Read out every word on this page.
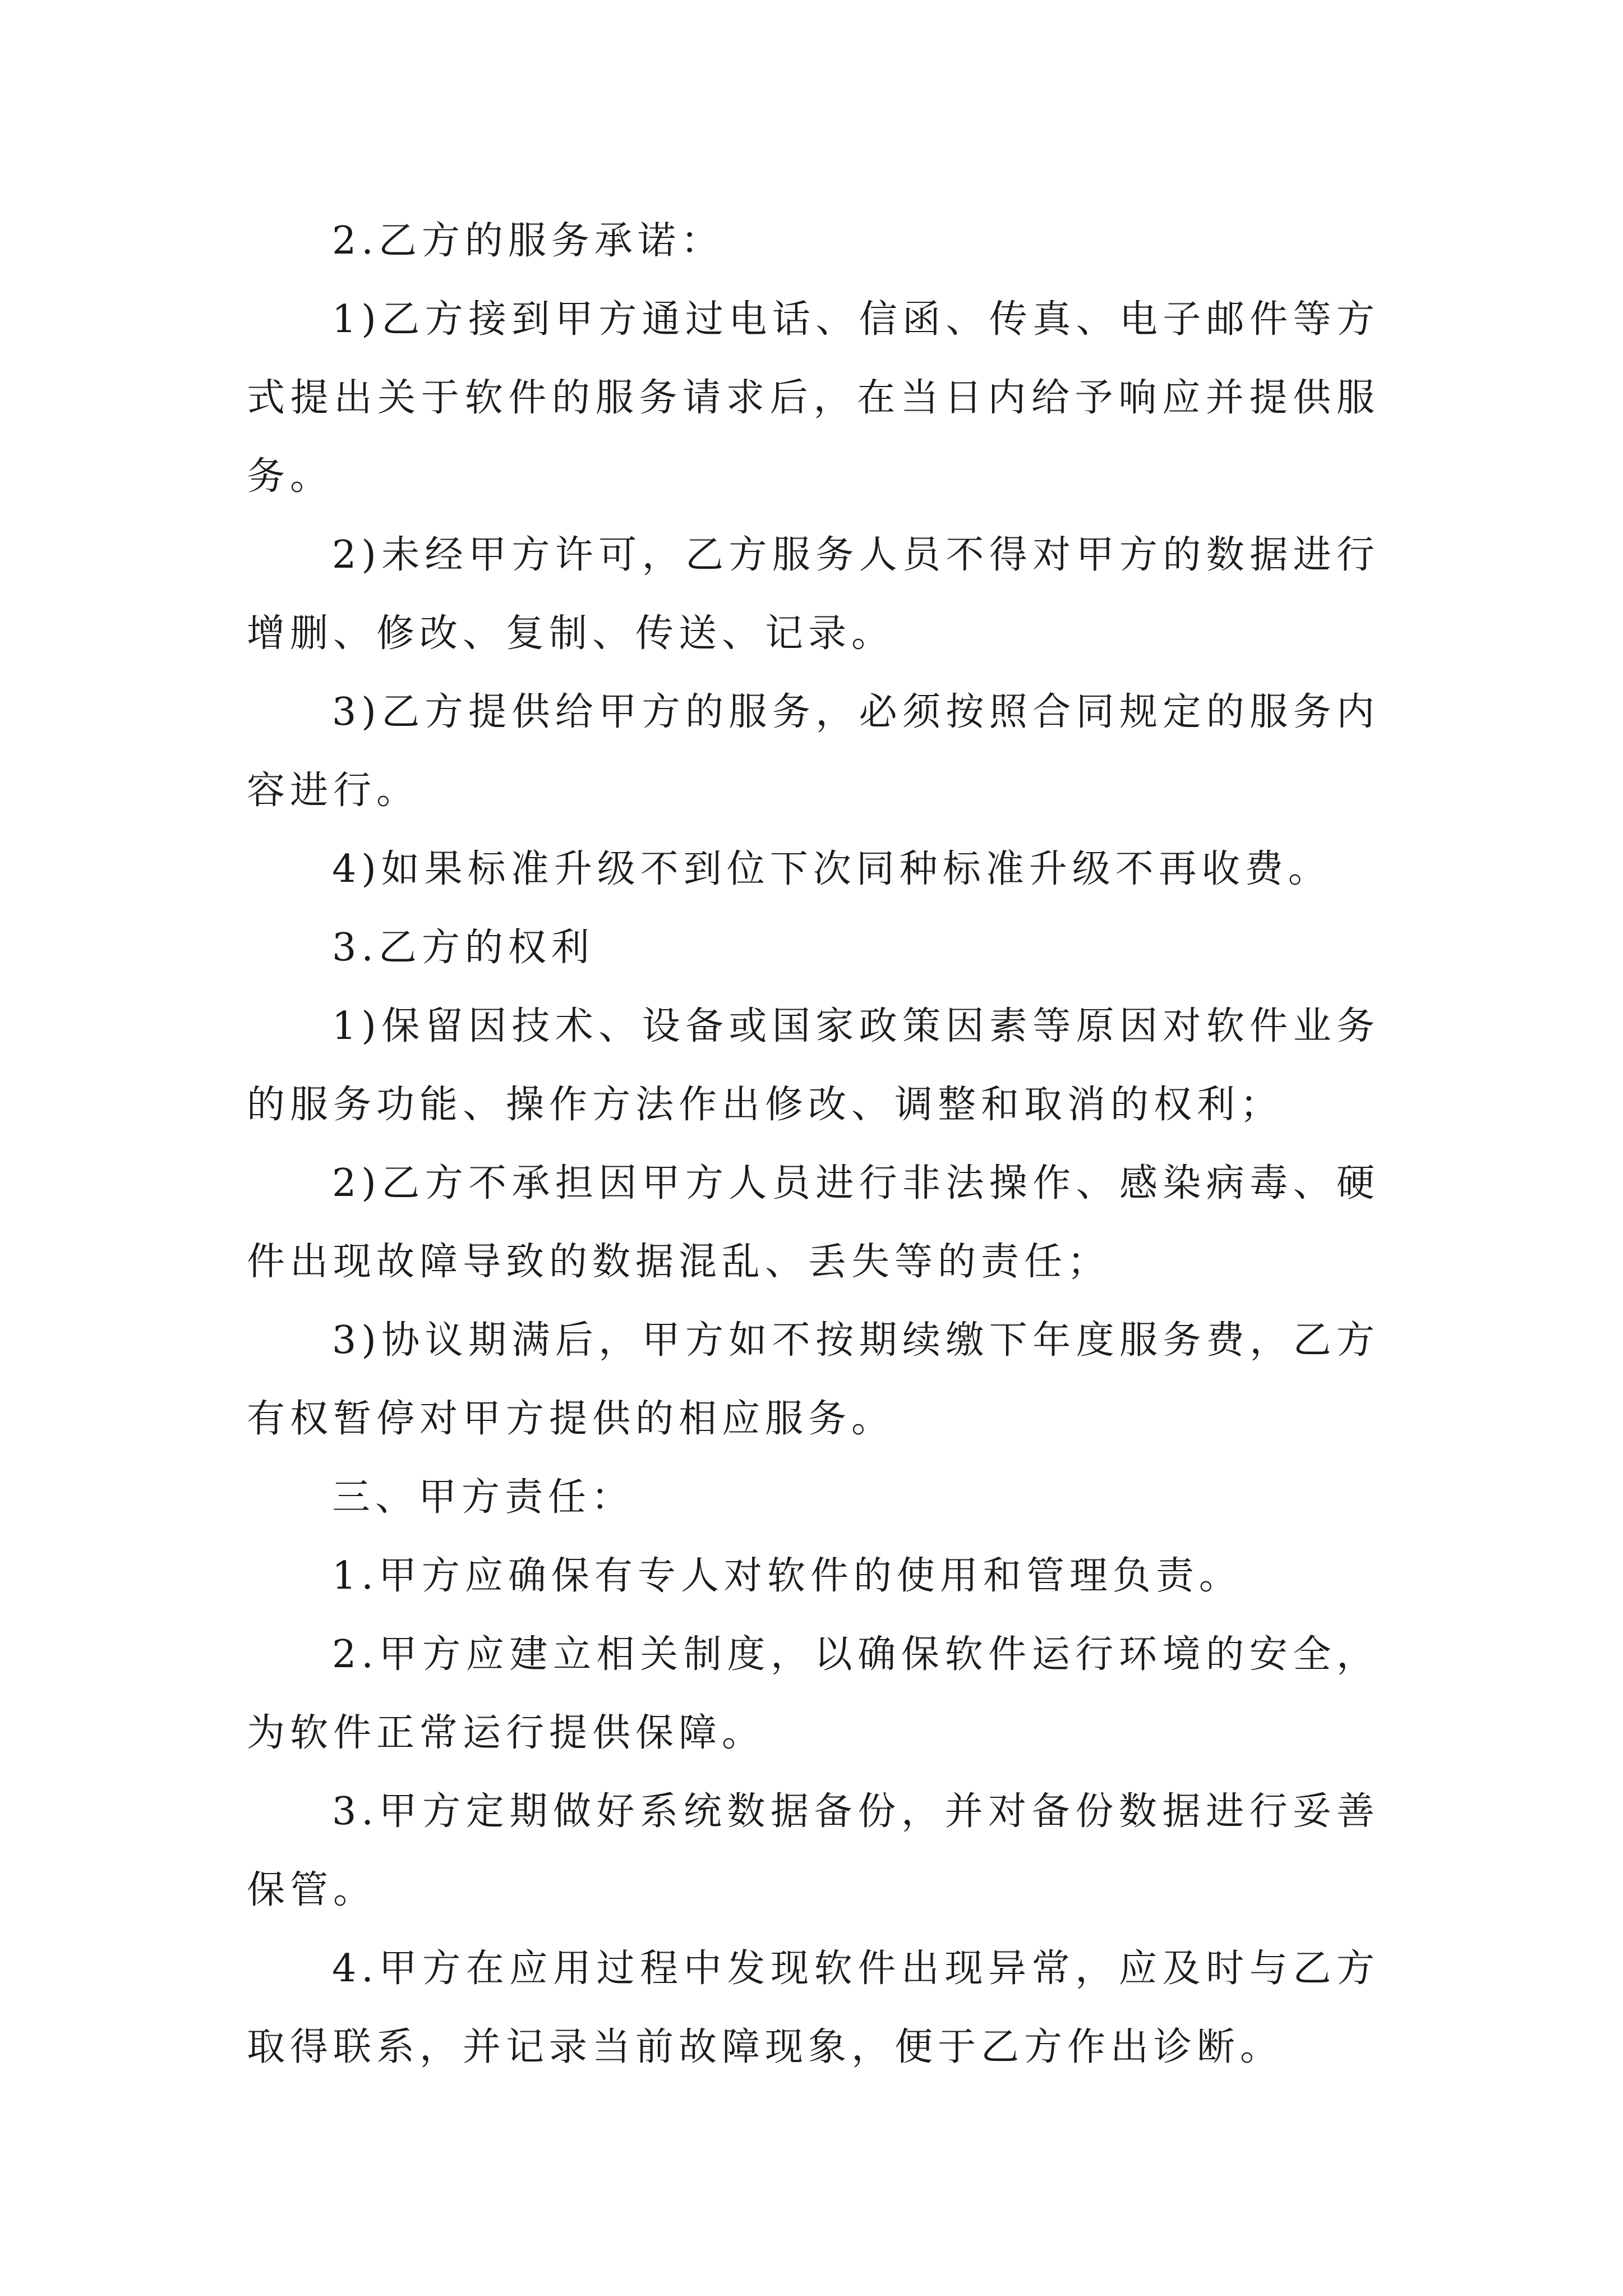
2.乙方的服务承诺：

1)乙方接到甲方通过电话、信函、传真、电子邮件等方式提出关于软件的服务请求后，在当日内给予响应并提供服务。

2)未经甲方许可，乙方服务人员不得对甲方的数据进行增删、修改、复制、传送、记录。

3)乙方提供给甲方的服务，必须按照合同规定的服务内容进行。

4)如果标准升级不到位下次同种标准升级不再收费。

3.乙方的权利

1)保留因技术、设备或国家政策因素等原因对软件业务的服务功能、操作方法作出修改、调整和取消的权利；

2)乙方不承担因甲方人员进行非法操作、感染病毒、硬件出现故障导致的数据混乱、丢失等的责任；

3)协议期满后，甲方如不按期续缴下年度服务费，乙方有权暂停对甲方提供的相应服务。

三、甲方责任：

1.甲方应确保有专人对软件的使用和管理负责。

2.甲方应建立相关制度，以确保软件运行环境的安全，为软件正常运行提供保障。

3.甲方定期做好系统数据备份，并对备份数据进行妥善保管。

4.甲方在应用过程中发现软件出现异常，应及时与乙方取得联系，并记录当前故障现象，便于乙方作出诊断。
